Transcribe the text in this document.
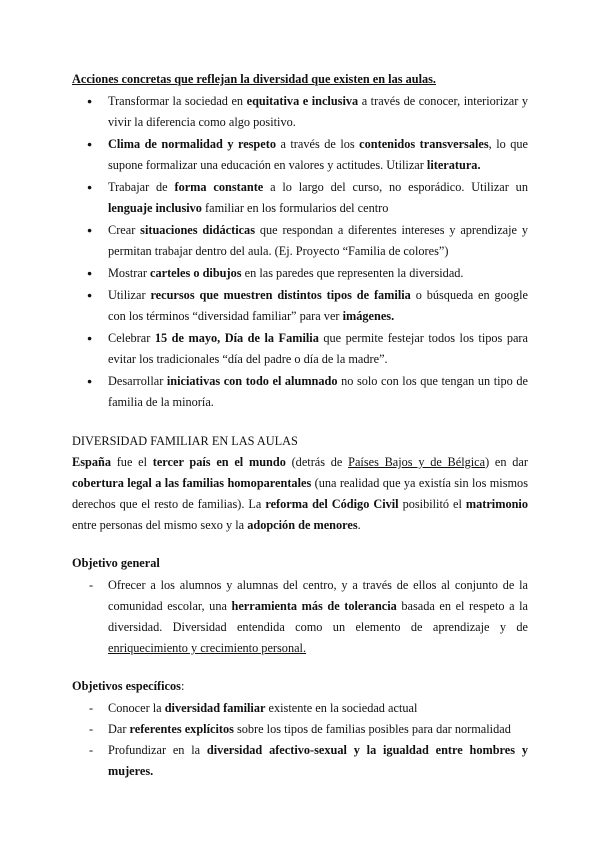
Acciones concretas que reflejan la diversidad que existen en las aulas.
● Transformar la sociedad en equitativa e inclusiva a través de conocer, interiorizar y vivir la diferencia como algo positivo.
● Clima de normalidad y respeto a través de los contenidos transversales, lo que supone formalizar una educación en valores y actitudes. Utilizar literatura.
● Trabajar de forma constante a lo largo del curso, no esporádico. Utilizar un lenguaje inclusivo familiar en los formularios del centro
● Crear situaciones didácticas que respondan a diferentes intereses y aprendizaje y permitan trabajar dentro del aula. (Ej. Proyecto “Familia de colores”)
● Mostrar carteles o dibujos en las paredes que representen la diversidad.
● Utilizar recursos que muestren distintos tipos de familia o búsqueda en google con los términos “diversidad familiar” para ver imágenes.
● Celebrar 15 de mayo, Día de la Familia que permite festejar todos los tipos para evitar los tradicionales “día del padre o día de la madre”.
● Desarrollar iniciativas con todo el alumnado no solo con los que tengan un tipo de familia de la minoría.
DIVERSIDAD FAMILIAR EN LAS AULAS
España fue el tercer país en el mundo (detrás de Países Bajos y de Bélgica) en dar cobertura legal a las familias homoparentales (una realidad que ya existía sin los mismos derechos que el resto de familias). La reforma del Código Civil posibilitó el matrimonio entre personas del mismo sexo y la adopción de menores.
Objetivo general
- Ofrecer a los alumnos y alumnas del centro, y a través de ellos al conjunto de la comunidad escolar, una herramienta más de tolerancia basada en el respeto a la diversidad. Diversidad entendida como un elemento de aprendizaje y de enriquecimiento y crecimiento personal.
Objetivos específicos:
- Conocer la diversidad familiar existente en la sociedad actual
- Dar referentes explícitos sobre los tipos de familias posibles para dar normalidad
- Profundizar en la diversidad afectivo-sexual y la igualdad entre hombres y mujeres.
